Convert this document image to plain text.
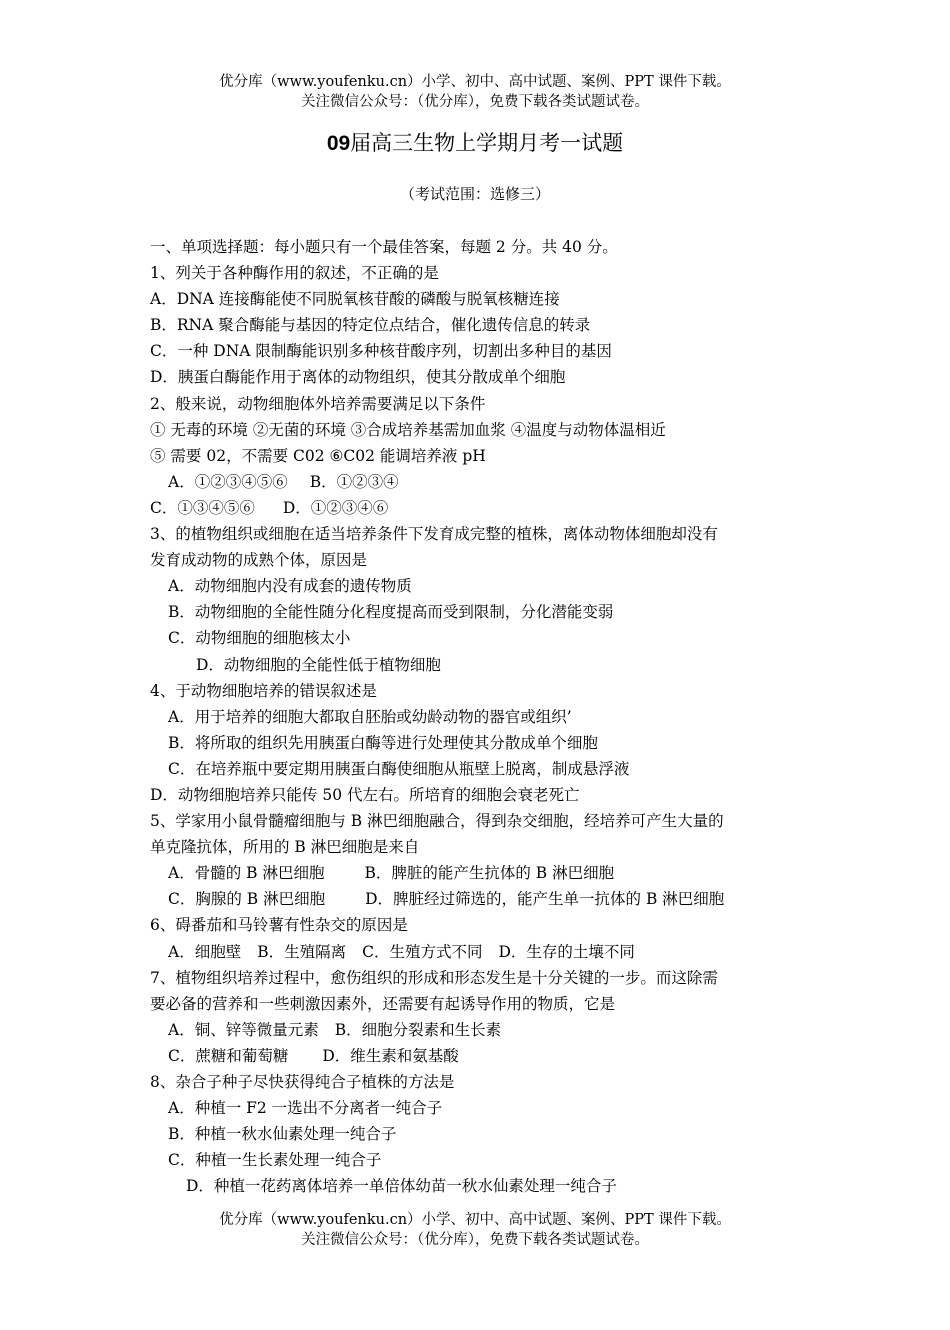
优分库（www.youfenku.cn）小学、初中、高中试题、案例、PPT 课件下载。
关注微信公众号：（优分库），免费下载各类试题试卷。
09届高三生物上学期月考一试题
（考试范围：选修三）
一、单项选择题：每小题只有一个最佳答案，每题 2 分。共 40 分。
1、列关于各种酶作用的叙述，不正确的是
A．DNA 连接酶能使不同脱氧核苷酸的磷酸与脱氧核糖连接
B．RNA 聚合酶能与基因的特定位点结合，催化遗传信息的转录
C．一种 DNA 限制酶能识别多种核苷酸序列，切割出多种目的基因
D．胰蛋白酶能作用于离体的动物组织，使其分散成单个细胞
2、般来说，动物细胞体外培养需要满足以下条件
① 无毒的环境 ②无菌的环境 ③合成培养基需加血浆 ④温度与动物体温相近
⑤ 需要 02，不需要 C02 ⑥C02 能调培养液 pH
A．①②③④⑤⑥ B．①②③④
C．①③④⑤⑥ D．①②③④⑥
3、的植物组织或细胞在适当培养条件下发育成完整的植株，离体动物体细胞却没有
发育成动物的成熟个体，原因是
A．动物细胞内没有成套的遗传物质
B．动物细胞的全能性随分化程度提高而受到限制，分化潜能变弱
C．动物细胞的细胞核太小
D．动物细胞的全能性低于植物细胞
4、于动物细胞培养的错误叙述是
A．用于培养的细胞大都取自胚胎或幼龄动物的器官或组织’
B．将所取的组织先用胰蛋白酶等进行处理使其分散成单个细胞
C．在培养瓶中要定期用胰蛋白酶使细胞从瓶壁上脱离，制成悬浮液
D．动物细胞培养只能传 50 代左右。所培育的细胞会衰老死亡
5、学家用小鼠骨髓瘤细胞与 B 淋巴细胞融合，得到杂交细胞，经培养可产生大量的
单克隆抗体，所用的 B 淋巴细胞是来自
A．骨髓的 B 淋巴细胞	B．脾脏的能产生抗体的 B 淋巴细胞
C．胸腺的 B 淋巴细胞	D．脾脏经过筛选的，能产生单一抗体的 B 淋巴细胞
6、碍番茄和马铃薯有性杂交的原因是
A．细胞壁 B．生殖隔离 C．生殖方式不同 D．生存的土壤不同
7、植物组织培养过程中，愈伤组织的形成和形态发生是十分关键的一步。而这除需
要必备的营养和一些刺激因素外，还需要有起诱导作用的物质，它是
A．铜、锌等微量元素 B．细胞分裂素和生长素
C．蔗糖和葡萄糖 D．维生素和氨基酸
8、杂合子种子尽快获得纯合子植株的方法是
A．种植一 F2 一选出不分离者一纯合子
B．种植一秋水仙素处理一纯合子
C．种植一生长素处理一纯合子
D．种植一花药离体培养一单倍体幼苗一秋水仙素处理一纯合子
优分库（www.youfenku.cn）小学、初中、高中试题、案例、PPT 课件下载。
关注微信公众号：（优分库），免费下载各类试题试卷。
